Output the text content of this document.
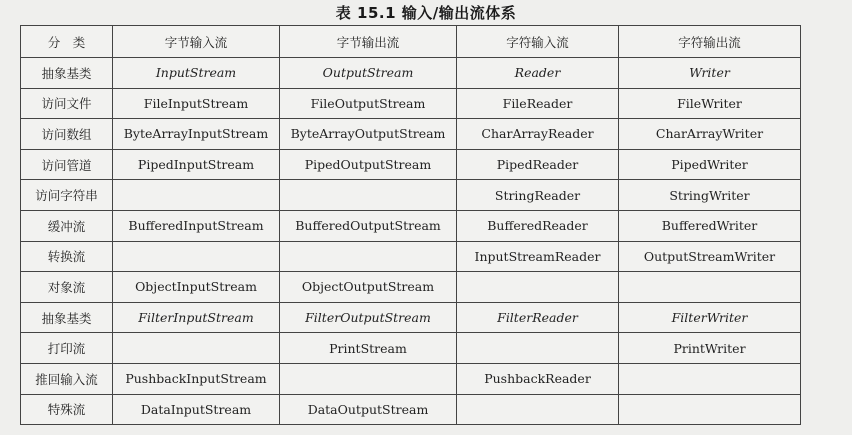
表 15.1 输入/输出流体系
分　类	字节输入流	字节输出流	字符输入流	字符输出流
抽象基类	InputStream	OutputStream	Reader	Writer
访问文件	FileInputStream	FileOutputStream	FileReader	FileWriter
访问数组	ByteArrayInputStream	ByteArrayOutputStream	CharArrayReader	CharArrayWriter
访问管道	PipedInputStream	PipedOutputStream	PipedReader	PipedWriter
访问字符串			StringReader	StringWriter
缓冲流	BufferedInputStream	BufferedOutputStream	BufferedReader	BufferedWriter
转换流			InputStreamReader	OutputStreamWriter
对象流	ObjectInputStream	ObjectOutputStream		
抽象基类	FilterInputStream	FilterOutputStream	FilterReader	FilterWriter
打印流		PrintStream		PrintWriter
推回输入流	PushbackInputStream		PushbackReader	
特殊流	DataInputStream	DataOutputStream		
